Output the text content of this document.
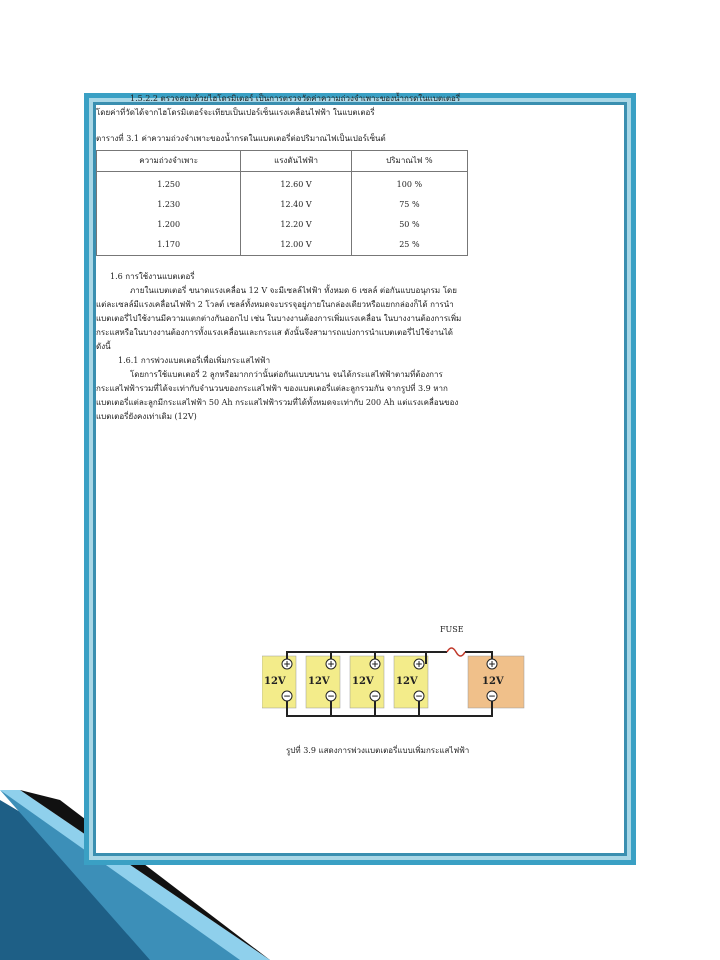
1.5.2.2 ตรวจสอบด้วยไฮโดรมิเตอร์ เป็นการตรวจวัดค่าความถ่วงจำเพาะของน้ำกรดในแบตเตอรี่ โดยค่าที่วัดได้จากไฮโดรมิเตอร์จะเทียบเป็นเปอร์เซ็นแรงเคลื่อนไฟฟ้า ในแบตเตอรี่

ตารางที่ 3.1 ค่าความถ่วงจำเพาะของน้ำกรดในแบตเตอรี่ต่อปริมาณไฟเป็นเปอร์เซ็นต์

ความถ่วงจำเพาะ	แรงดันไฟฟ้า	ปริมาณไฟ %
1.250	12.60 V	100 %
1.230	12.40 V	75 %
1.200	12.20 V	50 %
1.170	12.00 V	25 %

1.6 การใช้งานแบตเตอรี่

ภายในแบตเตอรี่ ขนาดแรงเคลื่อน 12 V จะมีเซลล์ไฟฟ้า ทั้งหมด 6 เซลล์ ต่อกันแบบอนุกรม โดยแต่ละเซลล์มีแรงเคลื่อนไฟฟ้า 2 โวลต์ เซลล์ทั้งหมดจะบรรจุอยู่ภายในกล่องเดียวหรือแยกกล่องก็ได้ การนำแบตเตอรี่ไปใช้งานมีความแตกต่างกันออกไป เช่น ในบางงานต้องการเพิ่มแรงเคลื่อน ในบางงานต้องการเพิ่มกระแสหรือในบางงานต้องการทั้งแรงเคลื่อนและกระแส ดังนั้นจึงสามารถแบ่งการนำแบตเตอรี่ไปใช้งานได้ ดังนี้

1.6.1 การพ่วงแบตเตอรี่เพื่อเพิ่มกระแสไฟฟ้า

โดยการใช้แบตเตอรี่ 2 ลูกหรือมากกว่านั้นต่อกันแบบขนาน จนได้กระแสไฟฟ้าตามที่ต้องการ กระแสไฟฟ้ารวมที่ได้จะเท่ากับจำนวนของกระแสไฟฟ้า ของแบตเตอรี่แต่ละลูกรวมกัน จากรูปที่ 3.9 หากแบตเตอรี่แต่ละลูกมีกระแสไฟฟ้า 50 Ah กระแสไฟฟ้ารวมที่ได้ทั้งหมดจะเท่ากับ 200 Ah แต่แรงเคลื่อนของแบตเตอรี่ยังคงเท่าเดิม (12V)

FUSE
+
−
+
−
+
−
+
−
+
−
12V 12V 12V 12V	12V
รูปที่ 3.9 แสดงการพ่วงแบตเตอรี่แบบเพิ่มกระแสไฟฟ้า
